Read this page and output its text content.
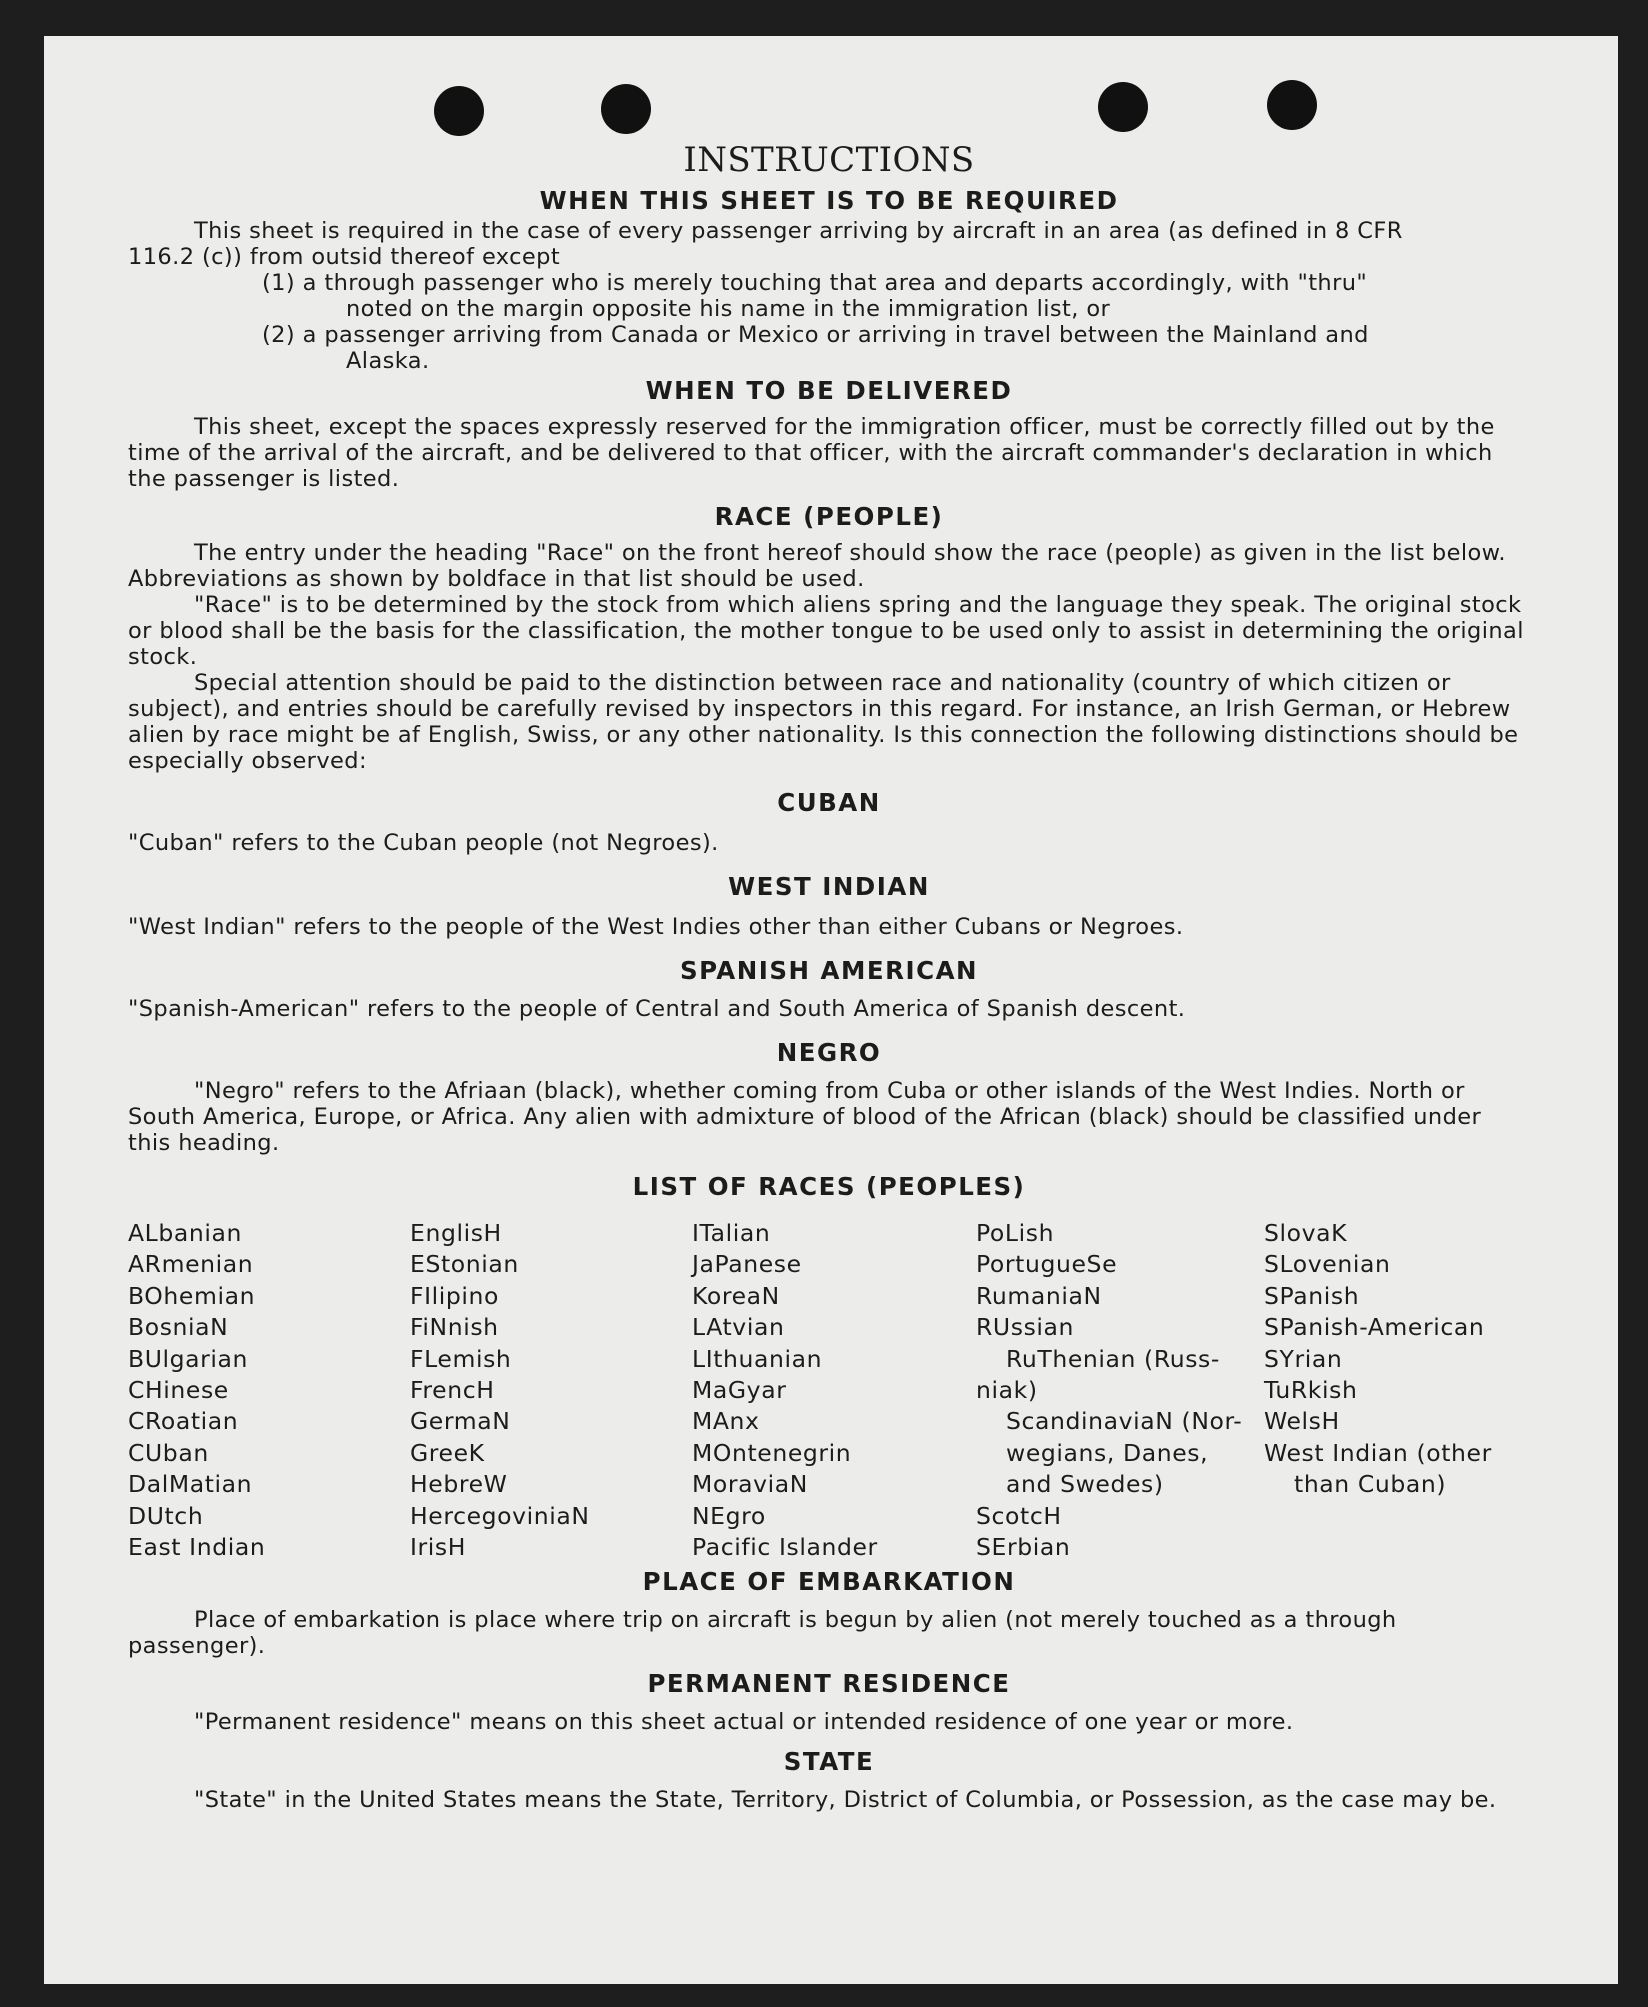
INSTRUCTIONS
WHEN THIS SHEET IS TO BE REQUIRED

This sheet is required in the case of every passenger arriving by aircraft in an area (as defined in 8 CFR

116.2 (c)) from outsid thereof except

(1) a through passenger who is merely touching that area and departs accordingly, with "thru"

noted on the margin opposite his name in the immigration list, or

(2) a passenger arriving from Canada or Mexico or arriving in travel between the Mainland and

Alaska.

WHEN TO BE DELIVERED

This sheet, except the spaces expressly reserved for the immigration officer, must be correctly filled out by the time of the arrival of the aircraft, and be delivered to that officer, with the aircraft commander's declaration in which the passenger is listed.

RACE (PEOPLE)

The entry under the heading "Race" on the front hereof should show the race (people) as given in the list below. Abbreviations as shown by boldface in that list should be used.

"Race" is to be determined by the stock from which aliens spring and the language they speak. The original stock or blood shall be the basis for the classification, the mother tongue to be used only to assist in determining the original stock.

Special attention should be paid to the distinction between race and nationality (country of which citizen or subject), and entries should be carefully revised by inspectors in this regard. For instance, an Irish German, or Hebrew alien by race might be af English, Swiss, or any other nationality. Is this connection the following distinctions should be especially observed:

CUBAN

"Cuban" refers to the Cuban people (not Negroes).

WEST INDIAN

"West Indian" refers to the people of the West Indies other than either Cubans or Negroes.

SPANISH AMERICAN

"Spanish-American" refers to the people of Central and South America of Spanish descent.

NEGRO

"Negro" refers to the Afriaan (black), whether coming from Cuba or other islands of the West Indies. North or South America, Europe, or Africa. Any alien with admixture of blood of the African (black) should be classified under this heading.

LIST OF RACES (PEOPLES)
ALbanian
ARmenian
BOhemian
BosniaN
BUlgarian
CHinese
CRoatian
CUban
DalMatian
DUtch
East Indian
EnglisH
EStonian
FIlipino
FiNnish
FLemish
FrencH
GermaN
GreeK
HebreW
HercegoviniaN
IrisH
ITalian
JaPanese
KoreaN
LAtvian
LIthuanian
MaGyar
MAnx
MOntenegrin
MoraviaN
NEgro
Pacific Islander
PoLish
PortugueSe
RumaniaN
RUssian
RuThenian (Russ-
niak)
ScandinaviaN (Nor-
wegians, Danes,
and Swedes)
ScotcH
SErbian
SlovaK
SLovenian
SPanish
SPanish-American
SYrian
TuRkish
WelsH
West Indian (other
than Cuban)
PLACE OF EMBARKATION

Place of embarkation is place where trip on aircraft is begun by alien (not merely touched as a through passenger).

PERMANENT RESIDENCE

"Permanent residence" means on this sheet actual or intended residence of one year or more.

STATE

"State" in the United States means the State, Territory, District of Columbia, or Possession, as the case may be.
